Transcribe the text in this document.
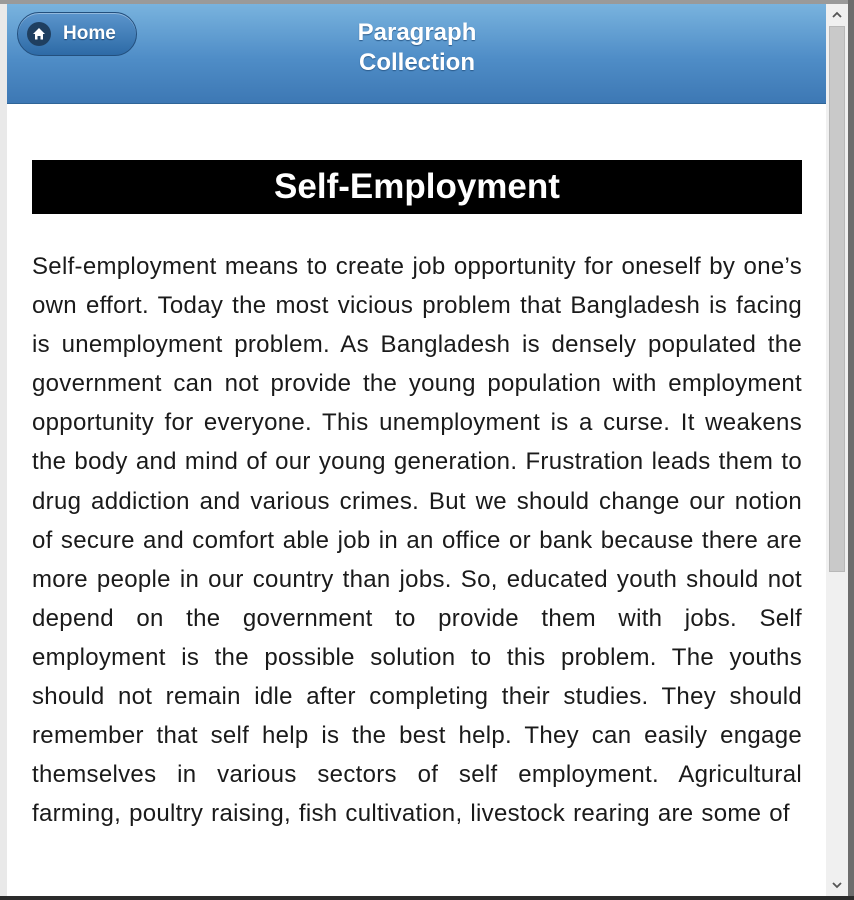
Home	Paragraph
Collection
Self-Employment

Self-employment means to create job opportunity for oneself by one’s own effort. Today the most vicious problem that Bangladesh is facing is unemployment problem. As Bangladesh is densely populated the government can not provide the young population with employment opportunity for everyone. This unemployment is a curse. It weakens the body and mind of our young generation. Frustration leads them to drug addiction and various crimes. But we should change our notion of secure and comfort able job in an office or bank because there are more people in our country than jobs. So, educated youth should not depend on the government to provide them with jobs. Self employment is the possible solution to this problem. The youths should not remain idle after completing their studies. They should remember that self help is the best help. They can easily engage themselves in various sectors of self employment. Agricultural farming, poultry raising, fish cultivation, livestock rearing are some of
